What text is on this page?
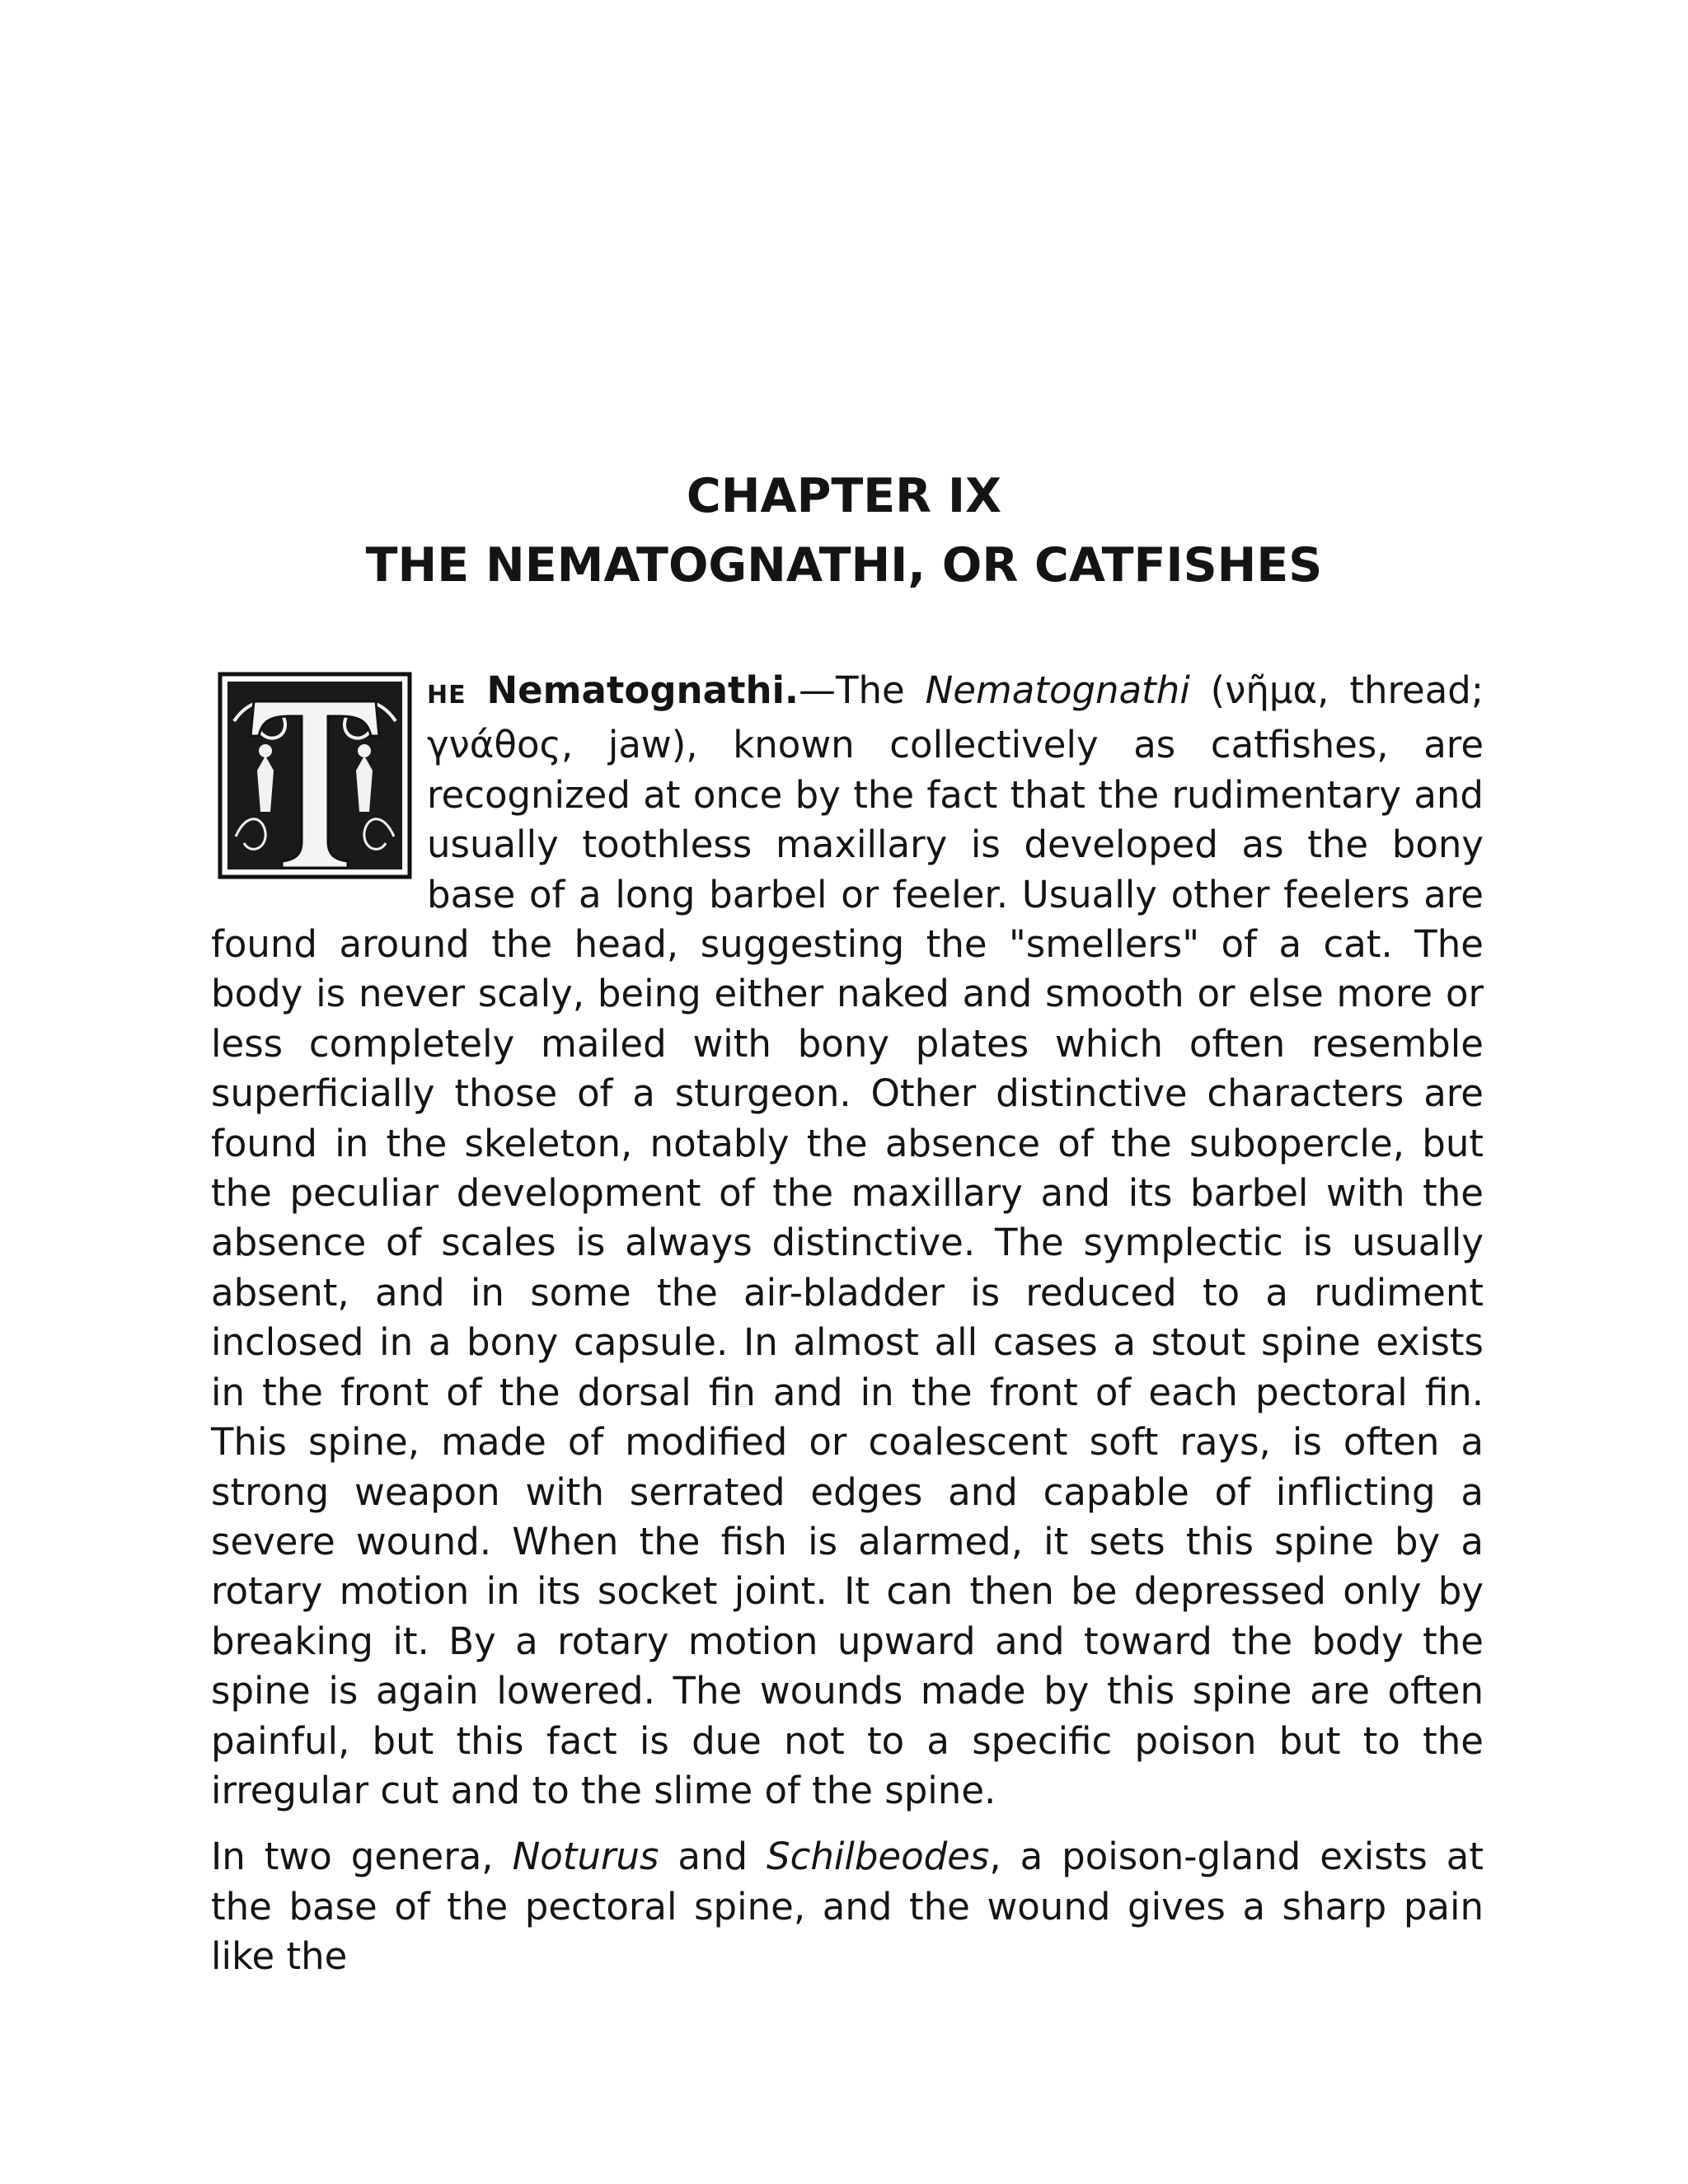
CHAPTER IX
THE NEMATOGNATHI, OR CATFISHES

HE Nematognathi.—The Nematognathi (νῆμα, thread; γνάθος, jaw), known collectively as catfishes, are recognized at once by the fact that the rudimentary and usually toothless maxillary is developed as the bony base of a long barbel or feeler. Usually other feelers are found around the head, suggesting the "smellers" of a cat. The body is never scaly, being either naked and smooth or else more or less completely mailed with bony plates which often resemble superficially those of a sturgeon. Other distinctive characters are found in the skeleton, notably the absence of the subopercle, but the peculiar development of the maxillary and its barbel with the absence of scales is always distinctive. The symplectic is usually absent, and in some the air-bladder is reduced to a rudiment inclosed in a bony capsule. In almost all cases a stout spine exists in the front of the dorsal fin and in the front of each pectoral fin. This spine, made of modified or coalescent soft rays, is often a strong weapon with serrated edges and capable of inflicting a severe wound. When the fish is alarmed, it sets this spine by a rotary motion in its socket joint. It can then be depressed only by breaking it. By a rotary motion upward and toward the body the spine is again lowered. The wounds made by this spine are often painful, but this fact is due not to a specific poison but to the irregular cut and to the slime of the spine.

In two genera, Noturus and Schilbeodes, a poison-gland exists at the base of the pectoral spine, and the wound gives a sharp pain like the
